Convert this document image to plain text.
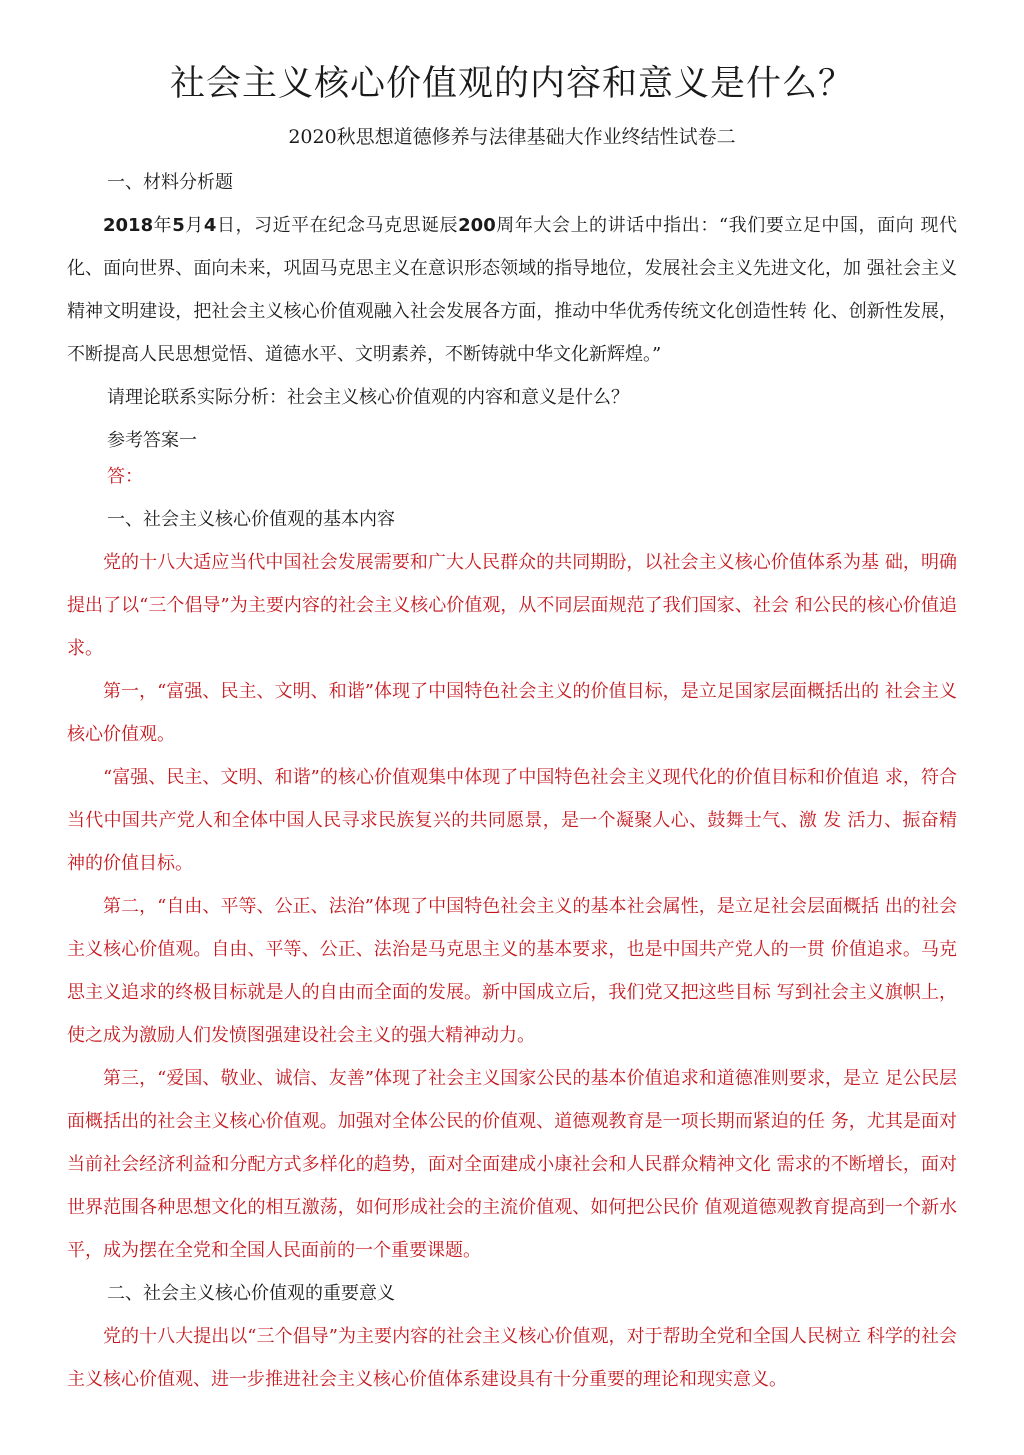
社会主义核心价值观的内容和意义是什么？
2020秋思想道德修养与法律基础大作业终结性试卷二

一、材料分析题

2018年5月4日，习近平在纪念马克思诞辰200周年大会上的讲话中指出：“我们要立足中国，面向 现代化、面向世界、面向未来，巩固马克思主义在意识形态领域的指导地位，发展社会主义先进文化，加 强社会主义精神文明建设，把社会主义核心价值观融入社会发展各方面，推动中华优秀传统文化创造性转 化、创新性发展，不断提高人民思想觉悟、道德水平、文明素养，不断铸就中华文化新辉煌。”

请理论联系实际分析：社会主义核心价值观的内容和意义是什么？

参考答案一

答：

一、社会主义核心价值观的基本内容

党的十八大适应当代中国社会发展需要和广大人民群众的共同期盼，以社会主义核心价值体系为基 础，明确提出了以“三个倡导”为主要内容的社会主义核心价值观，从不同层面规范了我们国家、社会 和公民的核心价值追求。

第一，“富强、民主、文明、和谐”体现了中国特色社会主义的价值目标，是立足国家层面概括出的 社会主义核心价值观。

“富强、民主、文明、和谐”的核心价值观集中体现了中国特色社会主义现代化的价值目标和价值追 求，符合当代中国共产党人和全体中国人民寻求民族复兴的共同愿景，是一个凝聚人心、鼓舞士气、激 发 活力、振奋精神的价值目标。

第二，“自由、平等、公正、法治”体现了中国特色社会主义的基本社会属性，是立足社会层面概括 出的社会主义核心价值观。自由、平等、公正、法治是马克思主义的基本要求，也是中国共产党人的一贯 价值追求。马克思主义追求的终极目标就是人的自由而全面的发展。新中国成立后，我们党又把这些目标 写到社会主义旗帜上，使之成为激励人们发愤图强建设社会主义的强大精神动力。

第三，“爱国、敬业、诚信、友善”体现了社会主义国家公民的基本价值追求和道德准则要求，是立 足公民层面概括出的社会主义核心价值观。加强对全体公民的价值观、道德观教育是一项长期而紧迫的任 务，尤其是面对当前社会经济利益和分配方式多样化的趋势，面对全面建成小康社会和人民群众精神文化 需求的不断增长，面对世界范围各种思想文化的相互激荡，如何形成社会的主流价值观、如何把公民价 值观道德观教育提高到一个新水平，成为摆在全党和全国人民面前的一个重要课题。

二、社会主义核心价值观的重要意义

党的十八大提出以“三个倡导”为主要内容的社会主义核心价值观，对于帮助全党和全国人民树立 科学的社会主义核心价值观、进一步推进社会主义核心价值体系建设具有十分重要的理论和现实意义。
